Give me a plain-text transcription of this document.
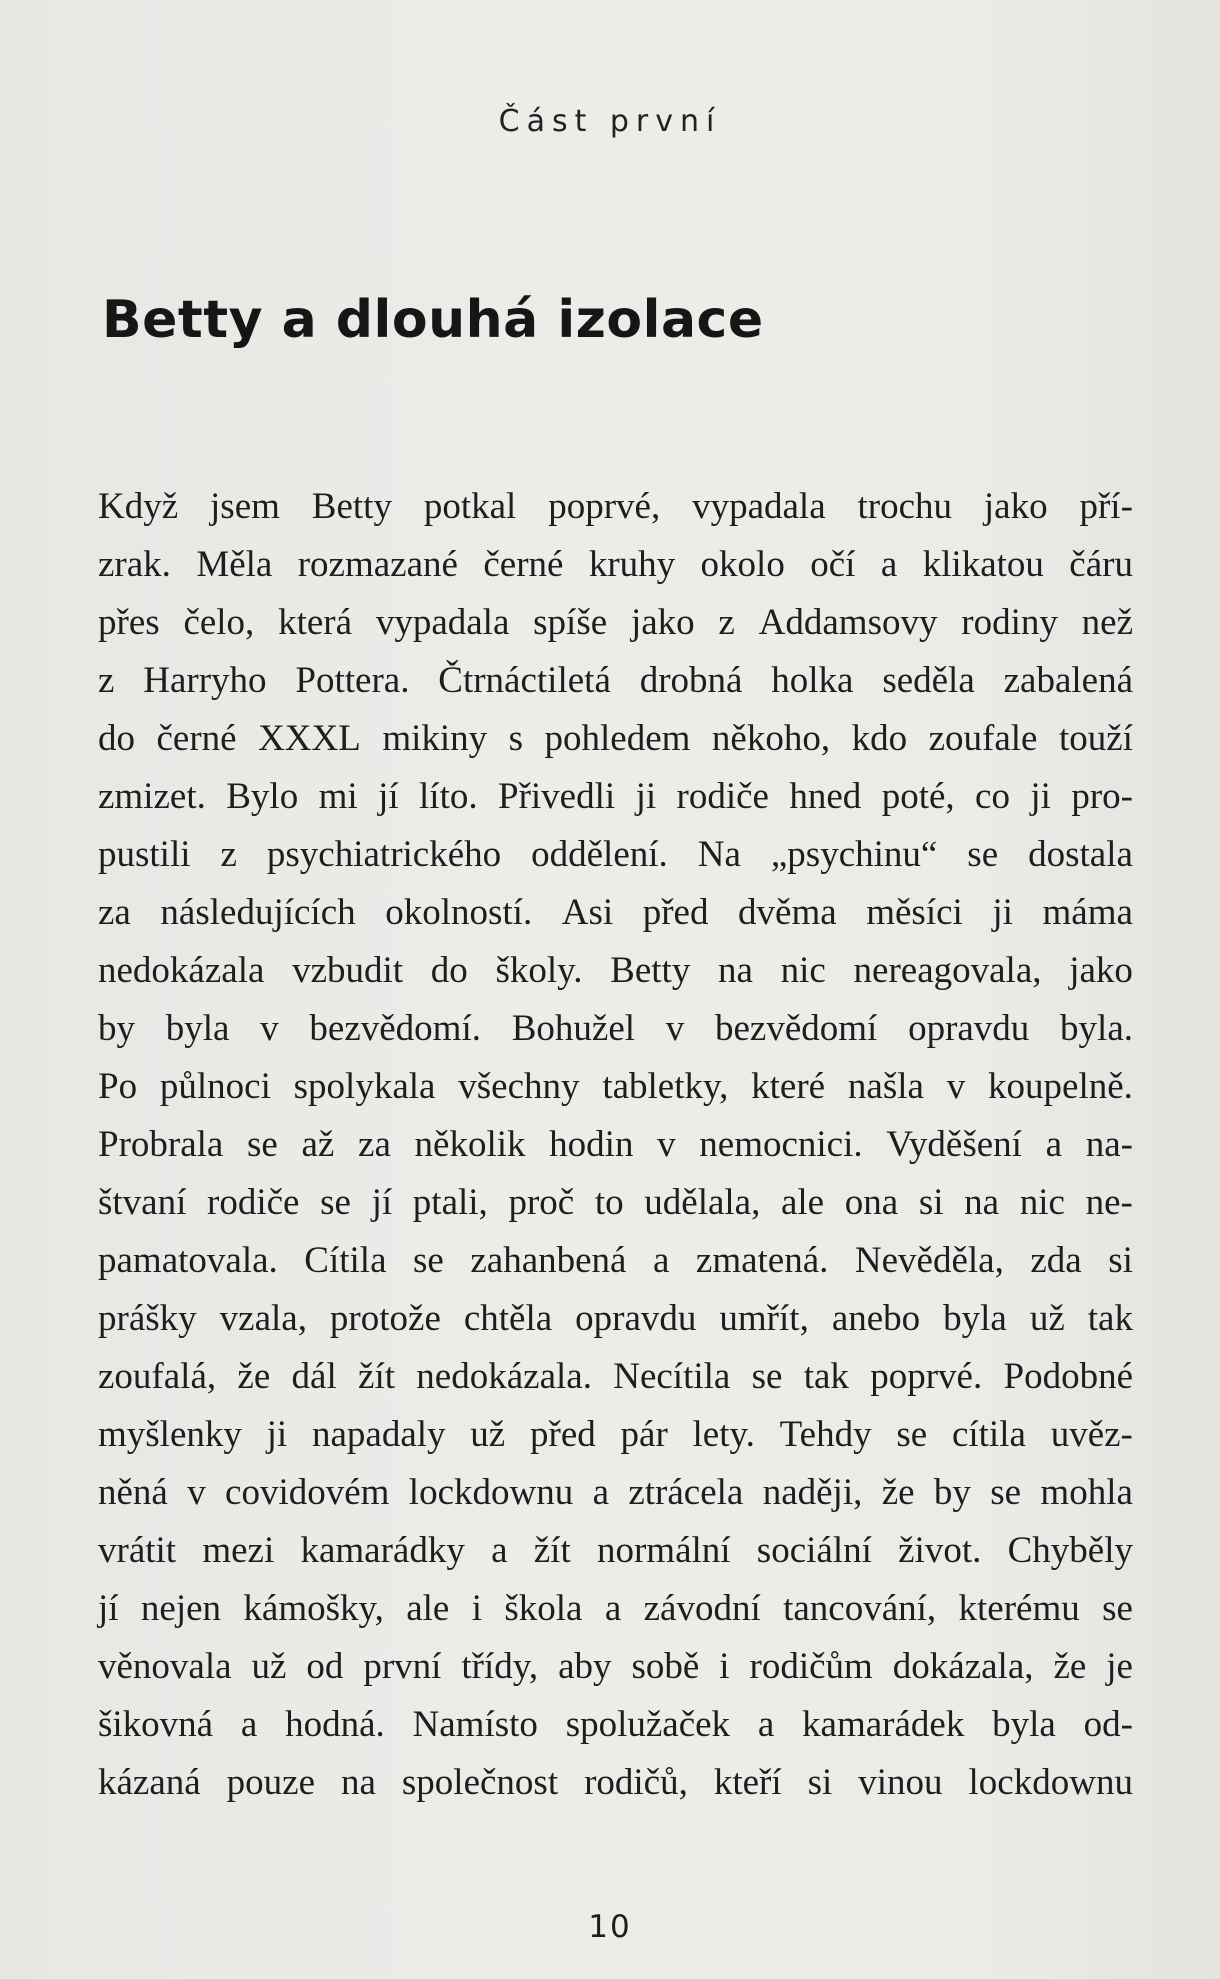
Část první
Betty a dlouhá izolace
Když jsem Betty potkal poprvé, vypadala trochu jako pří-
zrak. Měla rozmazané černé kruhy okolo očí a klikatou čáru
přes čelo, která vypadala spíše jako z Addamsovy rodiny než
z Harryho Pottera. Čtrnáctiletá drobná holka seděla zabalená
do černé XXXL mikiny s pohledem někoho, kdo zoufale touží
zmizet. Bylo mi jí líto. Přivedli ji rodiče hned poté, co ji pro-
pustili z psychiatrického oddělení. Na „psychinu“ se dostala
za následujících okolností. Asi před dvěma měsíci ji máma
nedokázala vzbudit do školy. Betty na nic nereagovala, jako
by byla v bezvědomí. Bohužel v bezvědomí opravdu byla.
Po půlnoci spolykala všechny tabletky, které našla v koupelně.
Probrala se až za několik hodin v nemocnici. Vyděšení a na-
štvaní rodiče se jí ptali, proč to udělala, ale ona si na nic ne-
pamatovala. Cítila se zahanbená a zmatená. Nevěděla, zda si
prášky vzala, protože chtěla opravdu umřít, anebo byla už tak
zoufalá, že dál žít nedokázala. Necítila se tak poprvé. Podobné
myšlenky ji napadaly už před pár lety. Tehdy se cítila uvěz-
něná v covidovém lockdownu a ztrácela naději, že by se mohla
vrátit mezi kamarádky a žít normální sociální život. Chyběly
jí nejen kámošky, ale i škola a závodní tancování, kterému se
věnovala už od první třídy, aby sobě i rodičům dokázala, že je
šikovná a hodná. Namísto spolužaček a kamarádek byla od-
kázaná pouze na společnost rodičů, kteří si vinou lockdownu
10
